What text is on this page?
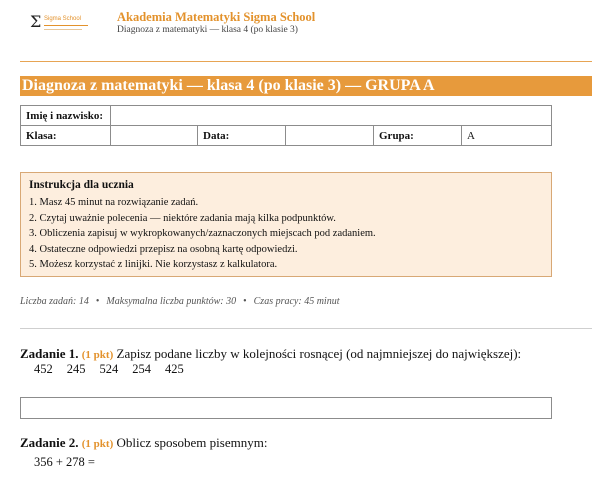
Σ Sigma School	Akademia Matematyki Sigma School
Diagnoza z matematyki — klasa 4 (po klasie 3)
Diagnoza z matematyki — klasa 4 (po klasie 3) — GRUPA A
Imię i nazwisko:					
Klasa:		Data:		Grupa:	A
Instrukcja dla ucznia
1. Masz 45 minut na rozwiązanie zadań.
2. Czytaj uważnie polecenia — niektóre zadania mają kilka podpunktów.
3. Obliczenia zapisuj w wykropkowanych/zaznaczonych miejscach pod zadaniem.
4. Ostateczne odpowiedzi przepisz na osobną kartę odpowiedzi.
5. Możesz korzystać z linijki. Nie korzystasz z kalkulatora.
Liczba zadań: 14 • Maksymalna liczba punktów: 30 • Czas pracy: 45 minut
Zadanie 1. (1 pkt) Zapisz podane liczby w kolejności rosnącej (od najmniejszej do największej):
452 245 524 254 425
Zadanie 2. (1 pkt) Oblicz sposobem pisemnym:
356 + 278 =
